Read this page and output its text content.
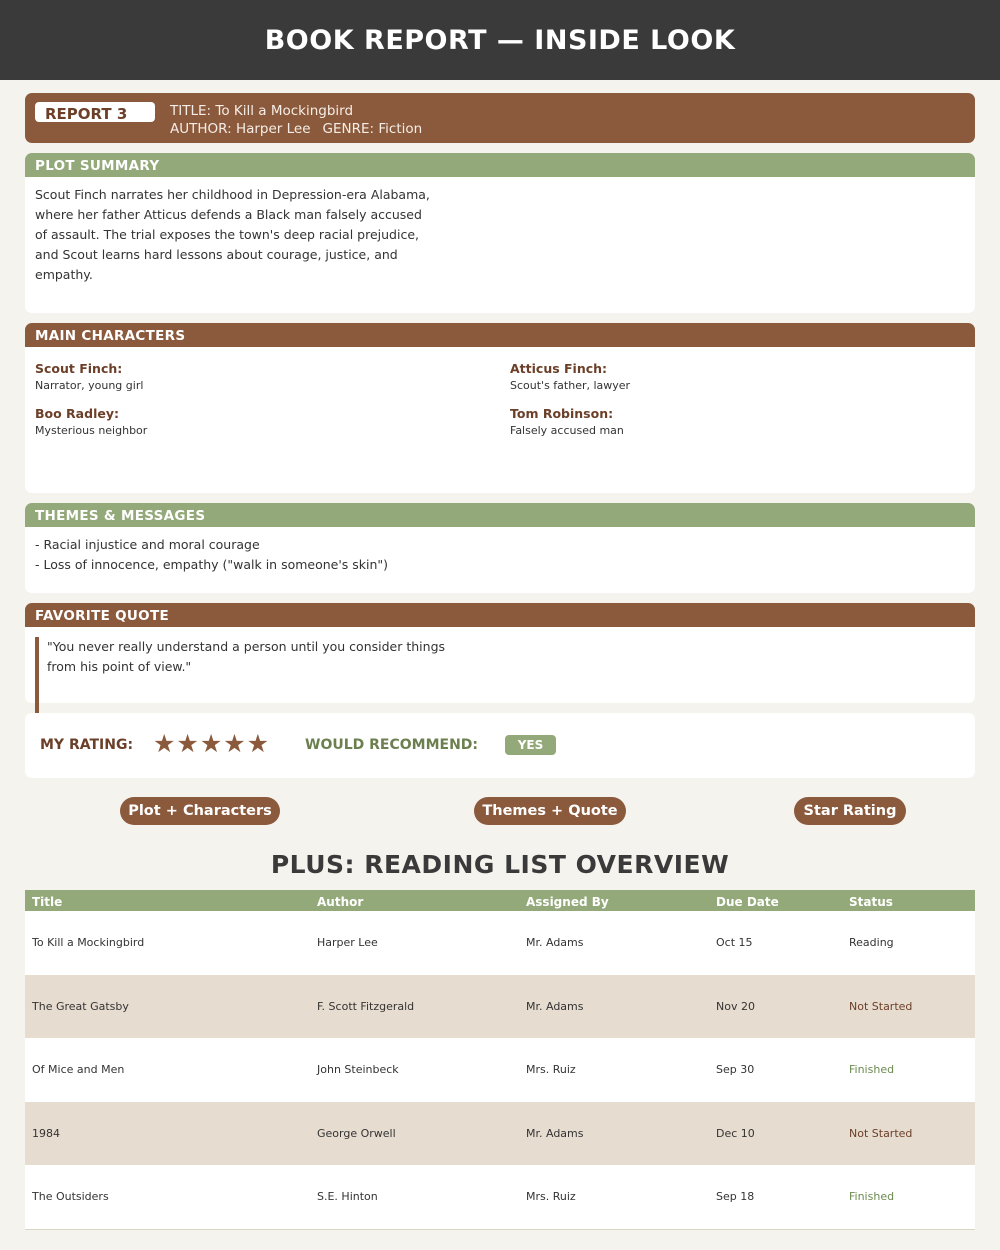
BOOK REPORT — INSIDE LOOK
REPORT 3	TITLE: To Kill a Mockingbird
AUTHOR: Harper Lee GENRE: Fiction
PLOT SUMMARY
Scout Finch narrates her childhood in Depression-era Alabama, where her father Atticus defends a Black man falsely accused of assault. The trial exposes the town's deep racial prejudice, and Scout learns hard lessons about courage, justice, and empathy.
MAIN CHARACTERS
Scout Finch:
Narrator, young girl
Atticus Finch:
Scout's father, lawyer
Boo Radley:
Mysterious neighbor
Tom Robinson:
Falsely accused man
THEMES & MESSAGES
- Racial injustice and moral courage
- Loss of innocence, empathy ("walk in someone's skin")
FAVORITE QUOTE
"You never really understand a person until you consider things from his point of view."
MY RATING: ★★★★★ WOULD RECOMMEND:	YES
Plot + Characters	Themes + Quote	Star Rating
PLUS: READING LIST OVERVIEW
Title	Author	Assigned By	Due Date	Status
To Kill a Mockingbird	Harper Lee	Mr. Adams	Oct 15	Reading
The Great Gatsby	F. Scott Fitzgerald	Mr. Adams	Nov 20	Not Started
Of Mice and Men	John Steinbeck	Mrs. Ruiz	Sep 30	Finished
1984	George Orwell	Mr. Adams	Dec 10	Not Started
The Outsiders	S.E. Hinton	Mrs. Ruiz	Sep 18	Finished
